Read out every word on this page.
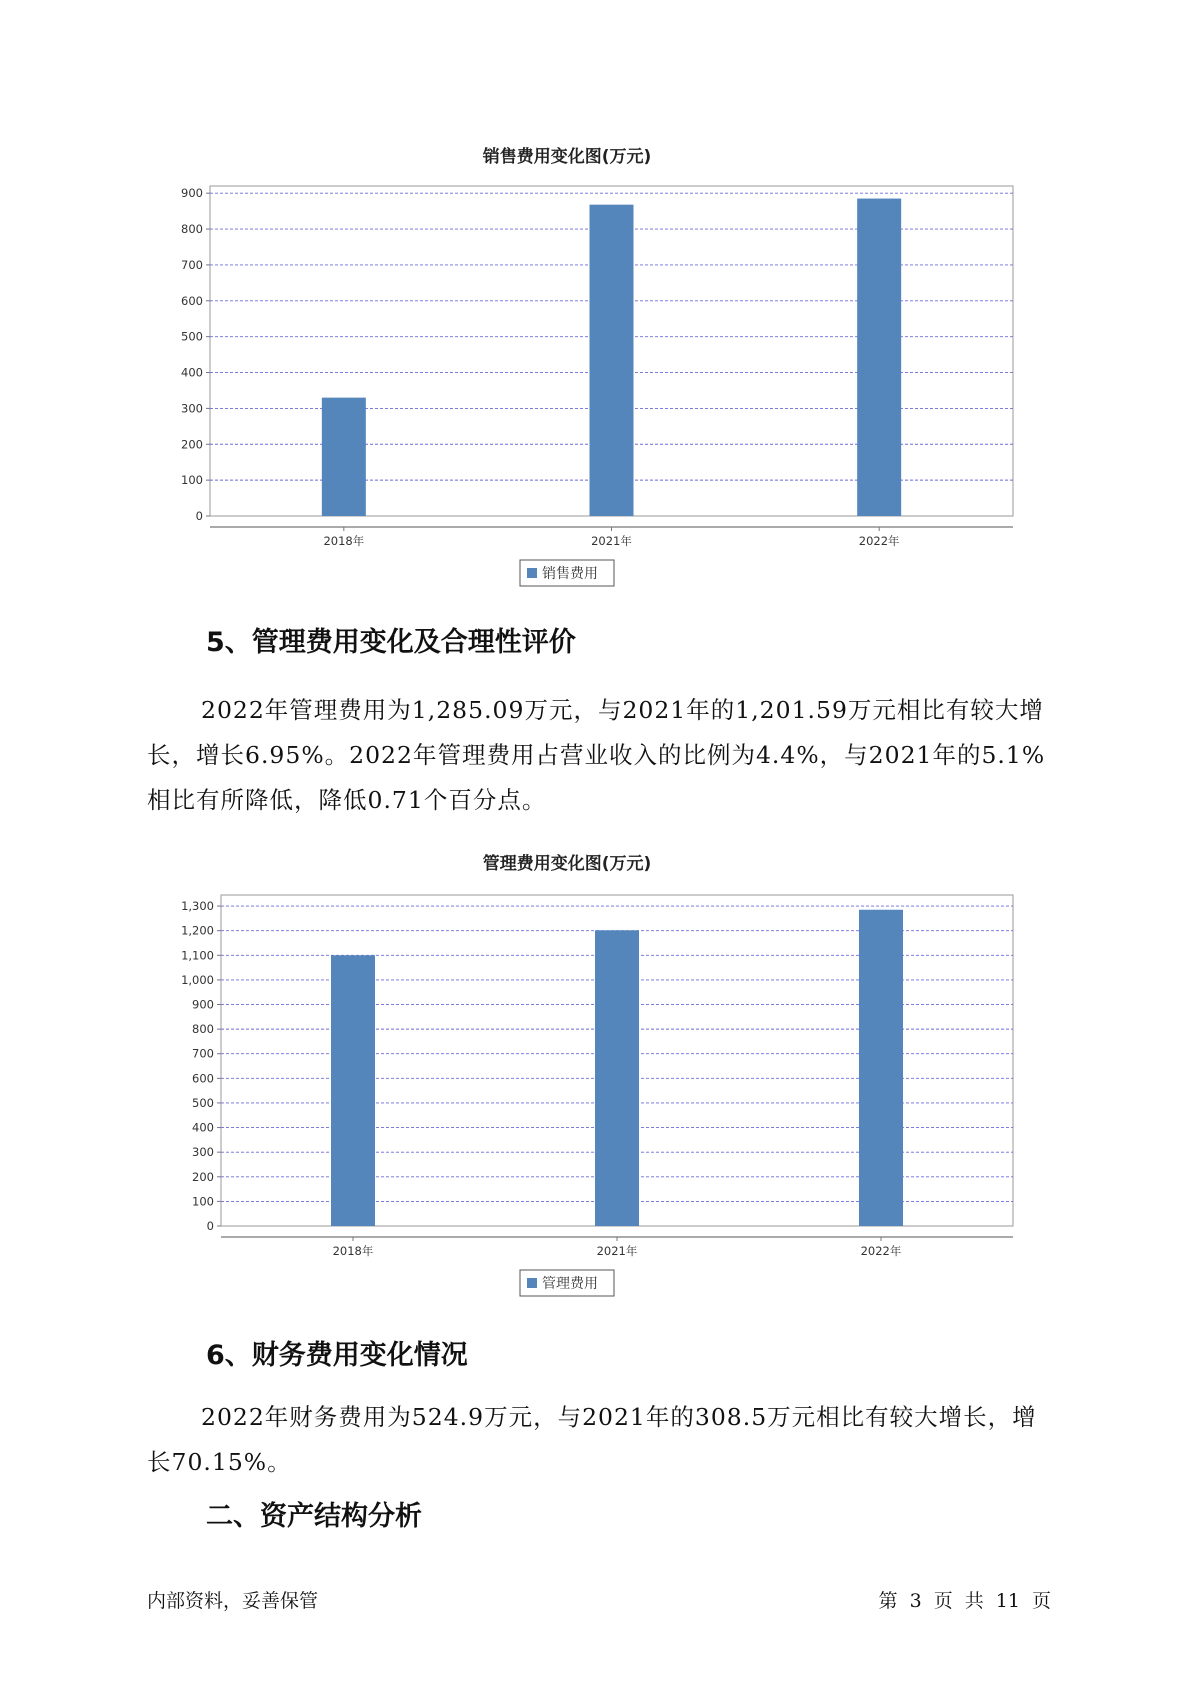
销售费用变化图(万元)
0
100
200
300
400
500
600
700
800
900
2018年	2021年	2022年
销售费用
管理费用变化图(万元)
0
100
200
300
400
500
600
700
800
900
1,000
1,100
1,200
1,300
2018年	2021年	2022年
管理费用
5、管理费用变化及合理性评价

2022年管理费用为1,285.09万元，与2021年的1,201.59万元相比有较大增长，增长6.95%。2022年管理费用占营业收入的比例为4.4%，与2021年的5.1%相比有所降低，降低0.71个百分点。

6、财务费用变化情况

2022年财务费用为524.9万元，与2021年的308.5万元相比有较大增长，增长70.15%。

二、资产结构分析
内部资料，妥善保管	第 3 页 共 11 页
